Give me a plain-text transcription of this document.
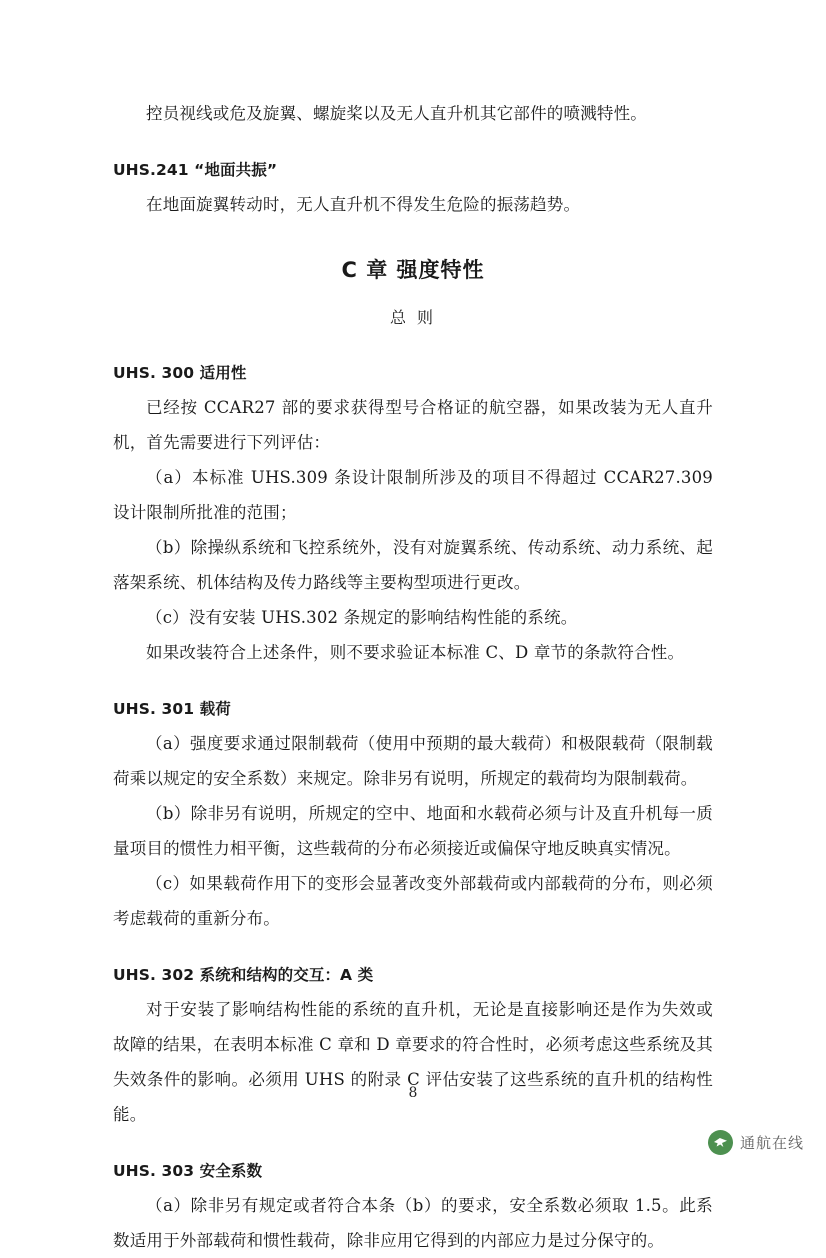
控员视线或危及旋翼、螺旋桨以及无人直升机其它部件的喷溅特性。

UHS.241 “地面共振”

在地面旋翼转动时，无人直升机不得发生危险的振荡趋势。

C 章 强度特性

总 则

UHS. 300 适用性

已经按 CCAR27 部的要求获得型号合格证的航空器，如果改装为无人直升机，首先需要进行下列评估：

（a）本标准 UHS.309 条设计限制所涉及的项目不得超过 CCAR27.309 设计限制所批准的范围；

（b）除操纵系统和飞控系统外，没有对旋翼系统、传动系统、动力系统、起落架系统、机体结构及传力路线等主要构型项进行更改。

（c）没有安装 UHS.302 条规定的影响结构性能的系统。

如果改装符合上述条件，则不要求验证本标准 C、D 章节的条款符合性。

UHS. 301 载荷

（a）强度要求通过限制载荷（使用中预期的最大载荷）和极限载荷（限制载荷乘以规定的安全系数）来规定。除非另有说明，所规定的载荷均为限制载荷。

（b）除非另有说明，所规定的空中、地面和水载荷必须与计及直升机每一质量项目的惯性力相平衡，这些载荷的分布必须接近或偏保守地反映真实情况。

（c）如果载荷作用下的变形会显著改变外部载荷或内部载荷的分布，则必须考虑载荷的重新分布。

UHS. 302 系统和结构的交互：A 类

对于安装了影响结构性能的系统的直升机，无论是直接影响还是作为失效或故障的结果，在表明本标准 C 章和 D 章要求的符合性时，必须考虑这些系统及其失效条件的影响。必须用 UHS 的附录 C 评估安装了这些系统的直升机的结构性能。

UHS. 303 安全系数

（a）除非另有规定或者符合本条（b）的要求，安全系数必须取 1.5。此系数适用于外部载荷和惯性载荷，除非应用它得到的内部应力是过分保守的。

8
通航在线
